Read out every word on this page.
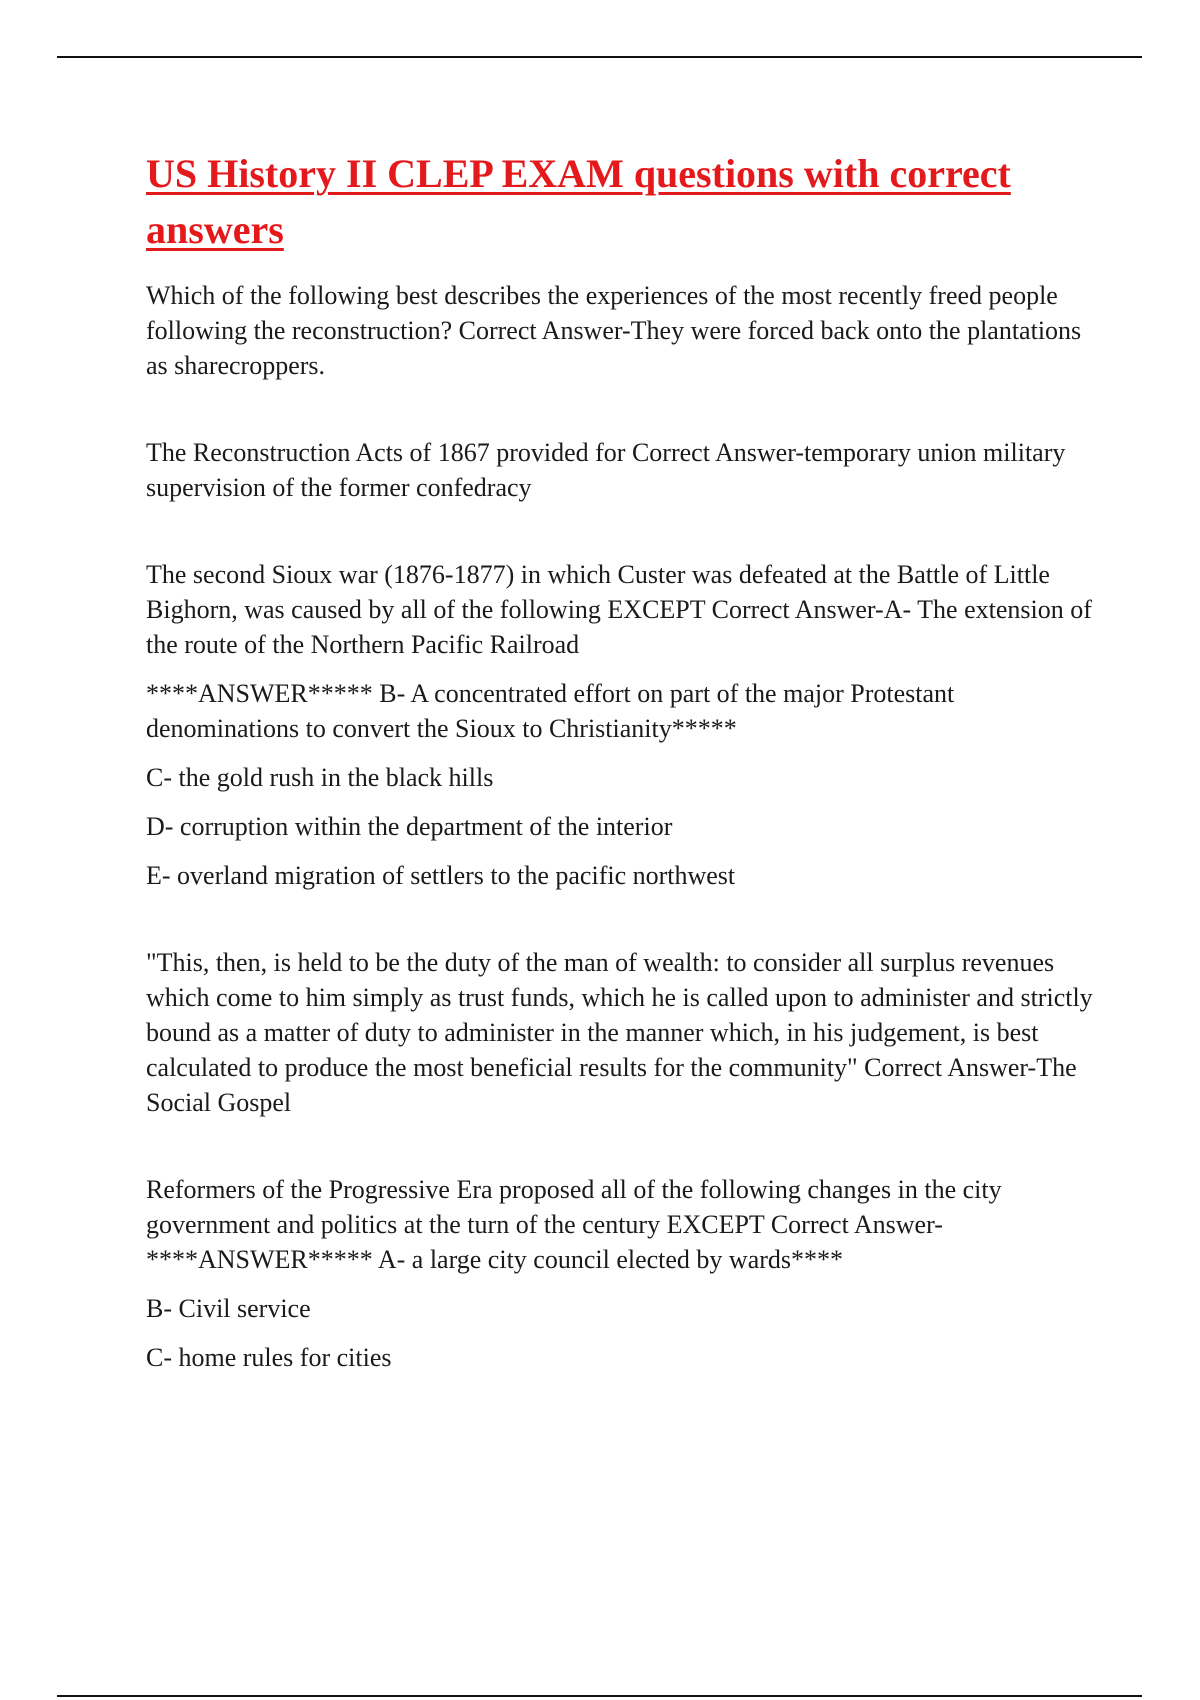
US History II CLEP EXAM questions with correct answers

Which of the following best describes the experiences of the most recently freed people following the reconstruction? Correct Answer-They were forced back onto the plantations as sharecroppers.

The Reconstruction Acts of 1867 provided for Correct Answer-temporary union military supervision of the former confedracy

The second Sioux war (1876-1877) in which Custer was defeated at the Battle of Little Bighorn, was caused by all of the following EXCEPT Correct Answer-A- The extension of the route of the Northern Pacific Railroad

****ANSWER***** B- A concentrated effort on part of the major Protestant denominations to convert the Sioux to Christianity*****

C- the gold rush in the black hills

D- corruption within the department of the interior

E- overland migration of settlers to the pacific northwest

"This, then, is held to be the duty of the man of wealth: to consider all surplus revenues which come to him simply as trust funds, which he is called upon to administer and strictly bound as a matter of duty to administer in the manner which, in his judgement, is best calculated to produce the most beneficial results for the community" Correct Answer-The Social Gospel

Reformers of the Progressive Era proposed all of the following changes in the city government and politics at the turn of the century EXCEPT Correct Answer-****ANSWER***** A- a large city council elected by wards****

B- Civil service

C- home rules for cities
